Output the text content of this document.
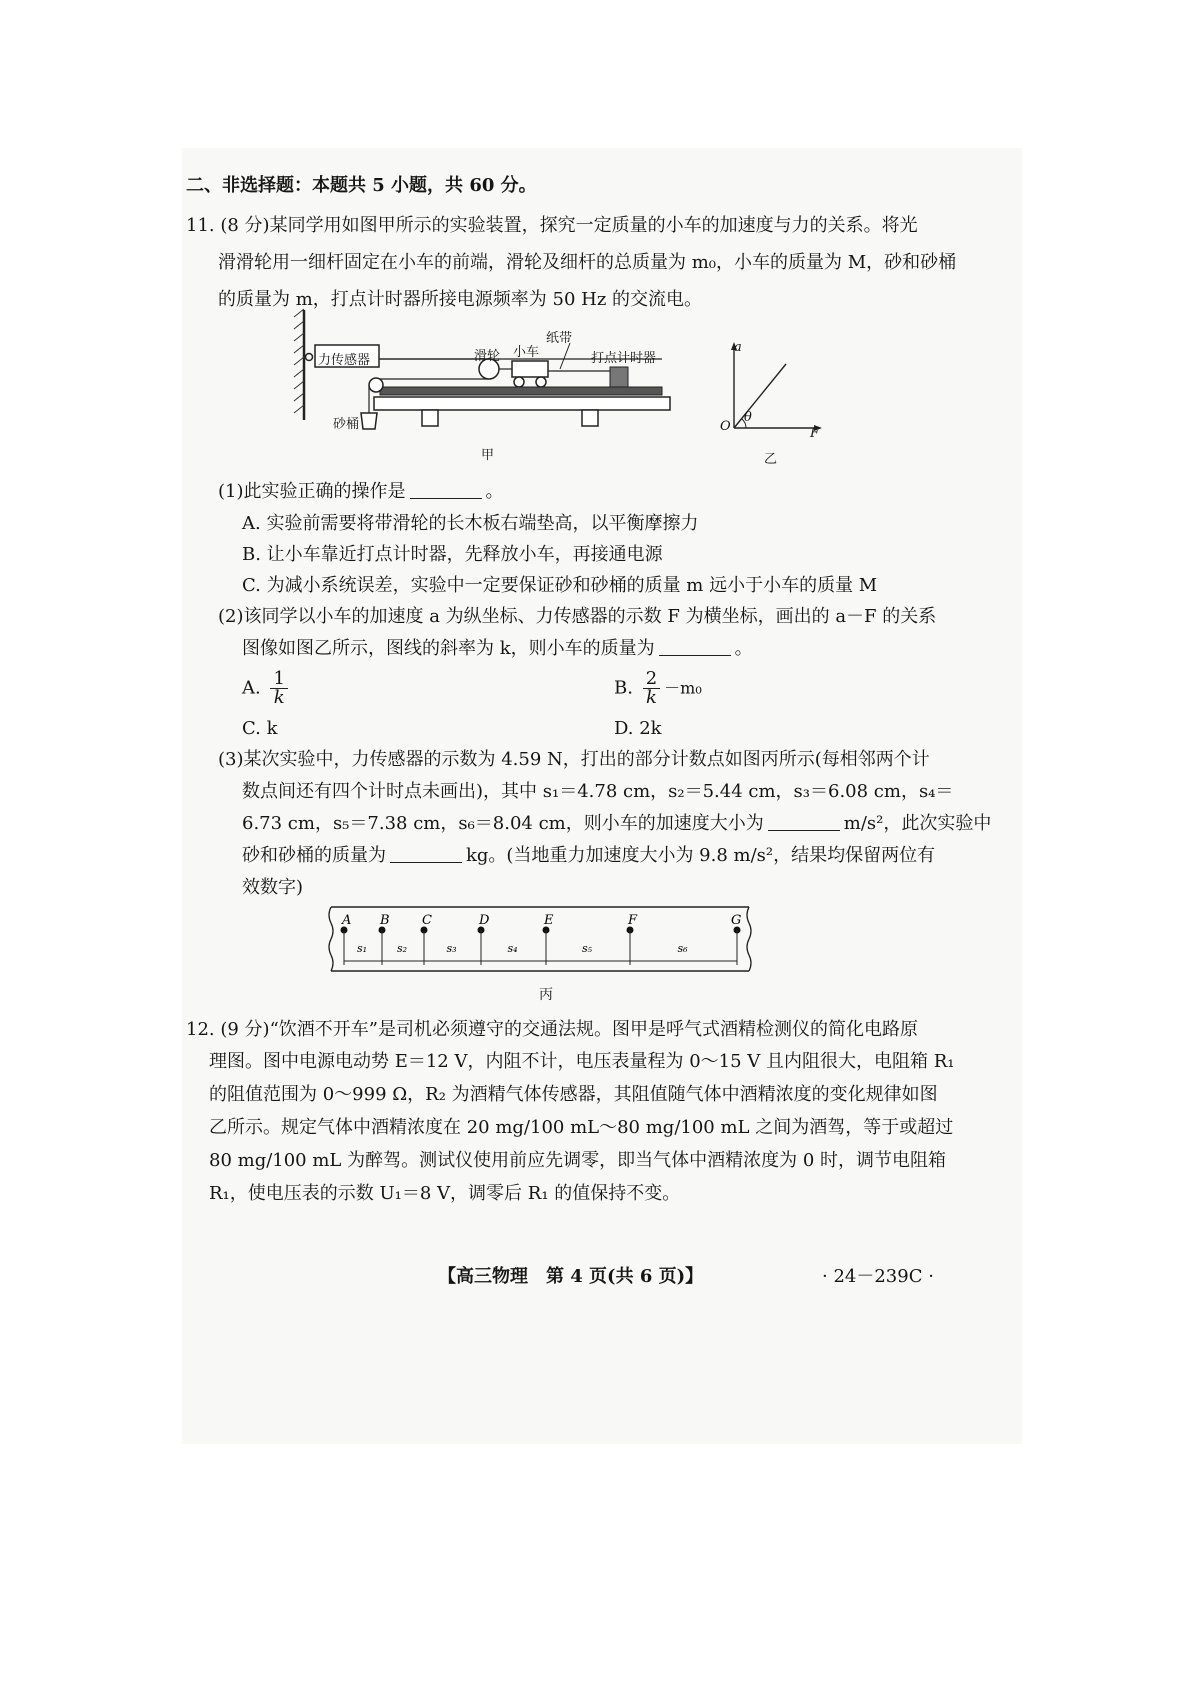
二、非选择题：本题共 5 小题，共 60 分。
11. (8 分)某同学用如图甲所示的实验装置，探究一定质量的小车的加速度与力的关系。将光
滑滑轮用一细杆固定在小车的前端，滑轮及细杆的总质量为 m₀，小车的质量为 M，砂和砂桶
的质量为 m，打点计时器所接电源频率为 50 Hz 的交流电。
力传感器	滑轮 小车
纸带
打点计时器
砂桶
甲
a
F
O
θ
乙
(1)此实验正确的操作是	。
A. 实验前需要将带滑轮的长木板右端垫高，以平衡摩擦力
B. 让小车靠近打点计时器，先释放小车，再接通电源
C. 为减小系统误差，实验中一定要保证砂和砂桶的质量 m 远小于小车的质量 M
(2)该同学以小车的加速度 a 为纵坐标、力传感器的示数 F 为横坐标，画出的 a－F 的关系
图像如图乙所示，图线的斜率为 k，则小车的质量为	。
A. $\frac{1}{k}$	B. $\frac{2}{k} -m_0$
C. k	D. 2k
(3)某次实验中，力传感器的示数为 4.59 N，打出的部分计数点如图丙所示(每相邻两个计
数点间还有四个计时点未画出)，其中 s₁＝4.78 cm，s₂＝5.44 cm，s₃＝6.08 cm，s₄＝
6.73 cm，s₅＝7.38 cm，s₆＝8.04 cm，则小车的加速度大小为	m/s²，此次实验中
砂和砂桶的质量为	kg。(当地重力加速度大小为 9.8 m/s²，结果均保留两位有
效数字)
A B C	D	E	F	G
s₁	s₂	s₃	s₄	s₅	s₆
丙
12. (9 分)“饮酒不开车”是司机必须遵守的交通法规。图甲是呼气式酒精检测仪的简化电路原
理图。图中电源电动势 E＝12 V，内阻不计，电压表量程为 0～15 V 且内阻很大，电阻箱 R₁
的阻值范围为 0～999 Ω，R₂ 为酒精气体传感器，其阻值随气体中酒精浓度的变化规律如图
乙所示。规定气体中酒精浓度在 20 mg/100 mL～80 mg/100 mL 之间为酒驾，等于或超过
80 mg/100 mL 为醉驾。测试仪使用前应先调零，即当气体中酒精浓度为 0 时，调节电阻箱
R₁，使电压表的示数 U₁＝8 V，调零后 R₁ 的值保持不变。
【高三物理　第 4 页(共 6 页)】	· 24－239C ·
